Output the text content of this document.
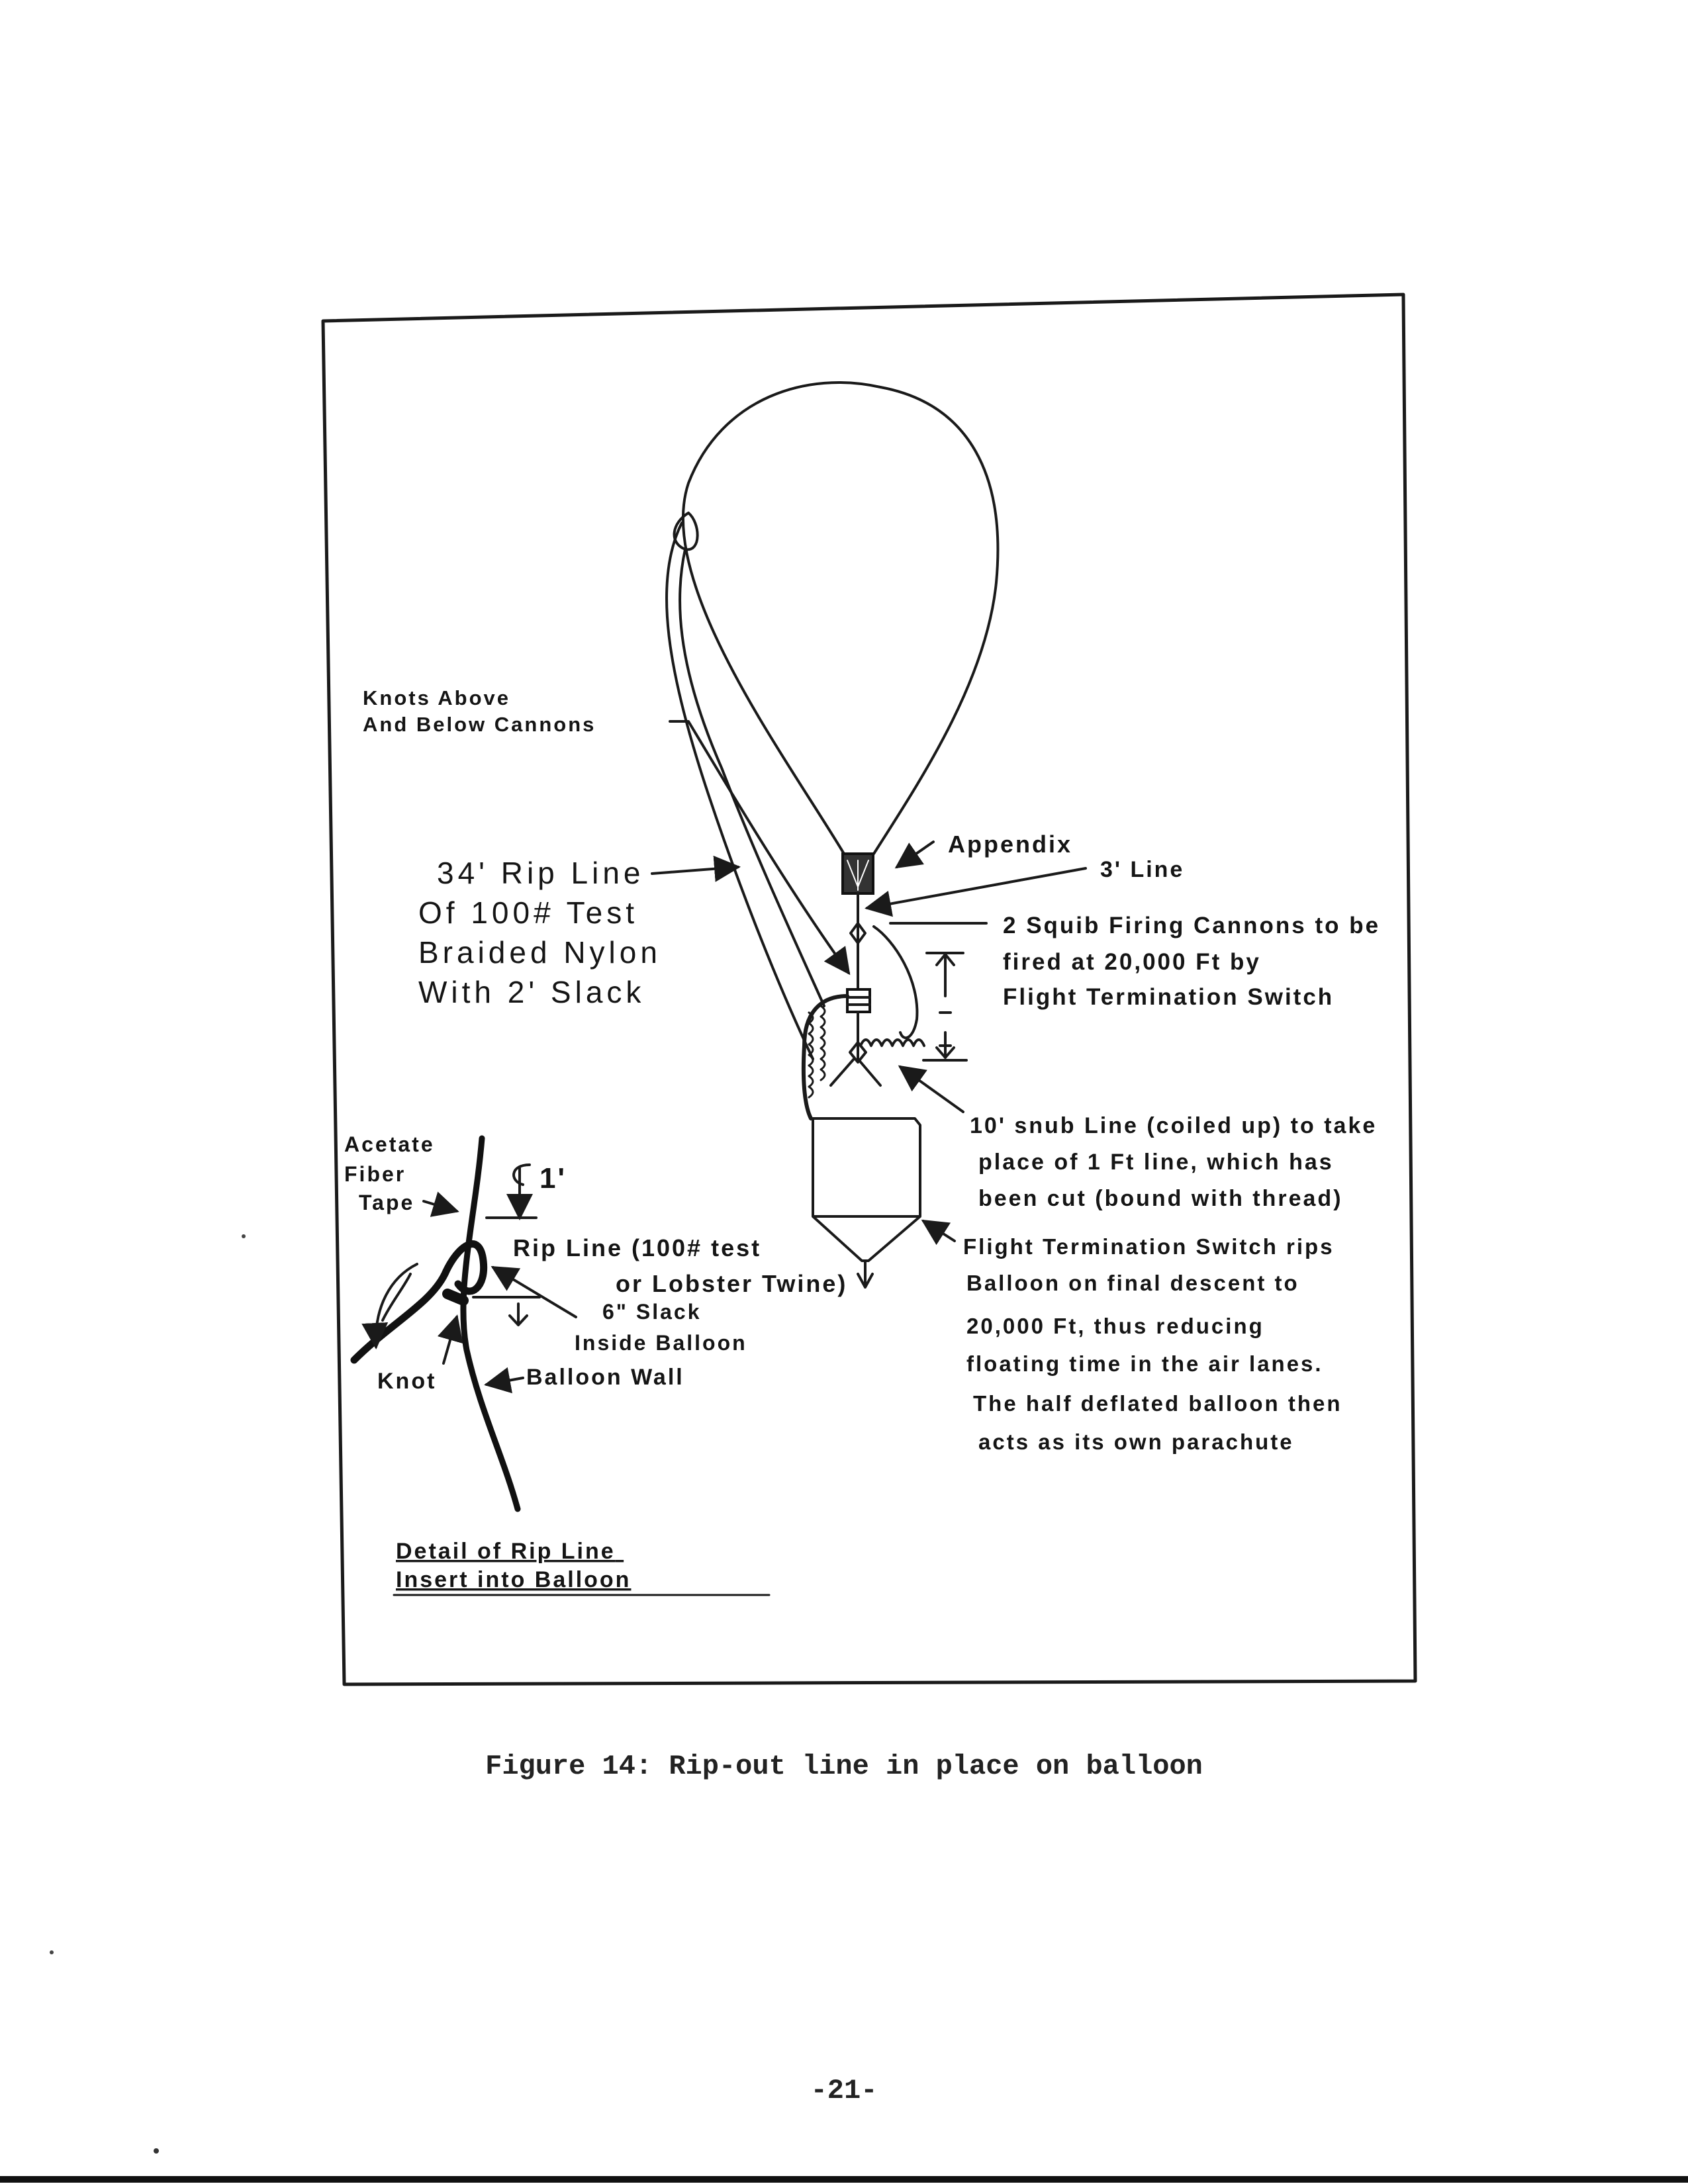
Knots Above And Below Cannons
34' Rip Line Of 100# Test Braided Nylon With 2' Slack
Appendix
3' Line
2 Squib Firing Cannons to be fired at 20,000 Ft by Flight Termination Switch
10' snub Line (coiled up) to take place of 1 Ft line, which has been cut (bound with thread)
Flight Termination Switch rips Balloon on final descent to 20,000 Ft, thus reducing floating time in the air lanes. The half deflated balloon then acts as its own parachute
Acetate Fiber Tape
1'
Rip Line (100# test or Lobster Twine)
6" Slack Inside Balloon
Knot	Balloon Wall
Detail of Rip Line Insert into Balloon
Figure 14: Rip-out line in place on balloon
-21-
